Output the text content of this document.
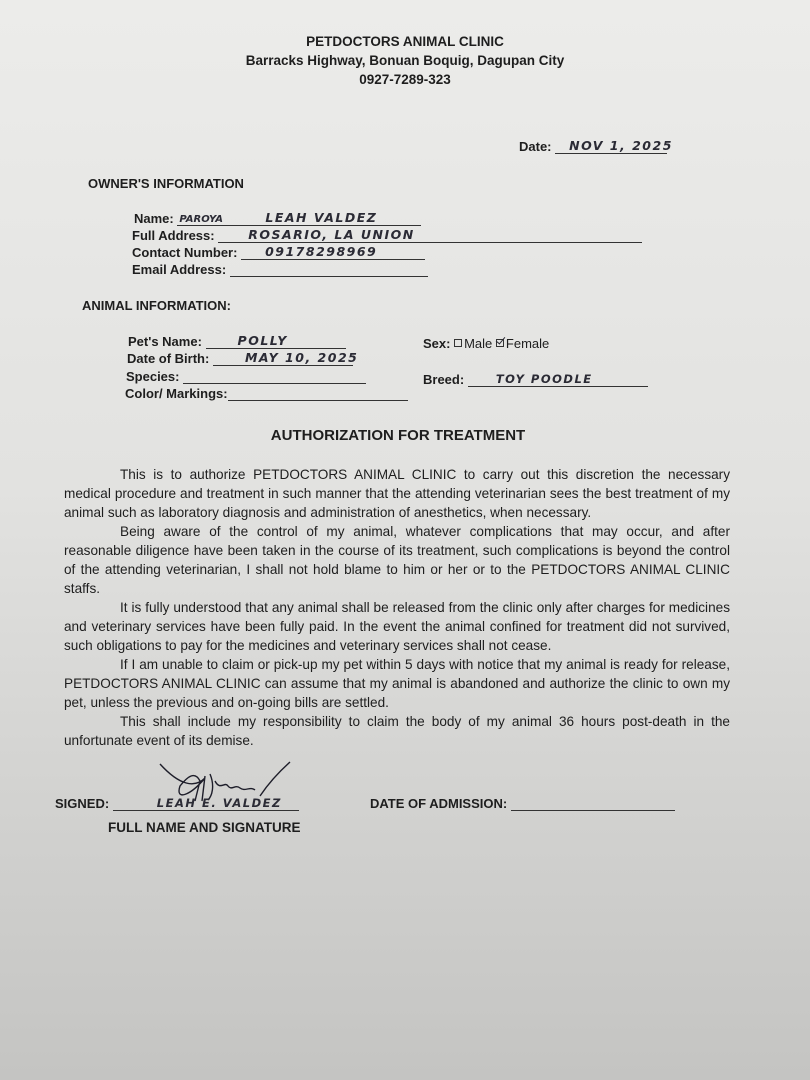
PETDOCTORS ANIMAL CLINIC
Barracks Highway, Bonuan Boquig, Dagupan City
0927-7289-323
Date: NOV 1, 2025
OWNER'S INFORMATION
Name: PAROYA	LEAH VALDEZ
Full Address:	ROSARIO, LA UNION
Contact Number: 09178298969
Email Address:
ANIMAL INFORMATION:
Pet's Name:	POLLY
Date of Birth:	MAY 10, 2025
Species:
Color/ Markings:
Sex: Male Female
Breed:	TOY POODLE
AUTHORIZATION FOR TREATMENT

This is to authorize PETDOCTORS ANIMAL CLINIC to carry out this discretion the necessary medical procedure and treatment in such manner that the attending veterinarian sees the best treatment of my animal such as laboratory diagnosis and administration of anesthetics, when necessary.

Being aware of the control of my animal, whatever complications that may occur, and after reasonable diligence have been taken in the course of its treatment, such complications is beyond the control of the attending veterinarian, I shall not hold blame to him or her or to the PETDOCTORS ANIMAL CLINIC staffs.

It is fully understood that any animal shall be released from the clinic only after charges for medicines and veterinary services have been fully paid. In the event the animal confined for treatment did not survived, such obligations to pay for the medicines and veterinary services shall not cease.

If I am unable to claim or pick-up my pet within 5 days with notice that my animal is ready for release, PETDOCTORS ANIMAL CLINIC can assume that my animal is abandoned and authorize the clinic to own my pet, unless the previous and on-going bills are settled.

This shall include my responsibility to claim the body of my animal 36 hours post-death in the unfortunate event of its demise.

SIGNED:	LEAH E. VALDEZ
FULL NAME AND SIGNATURE
DATE OF ADMISSION:
